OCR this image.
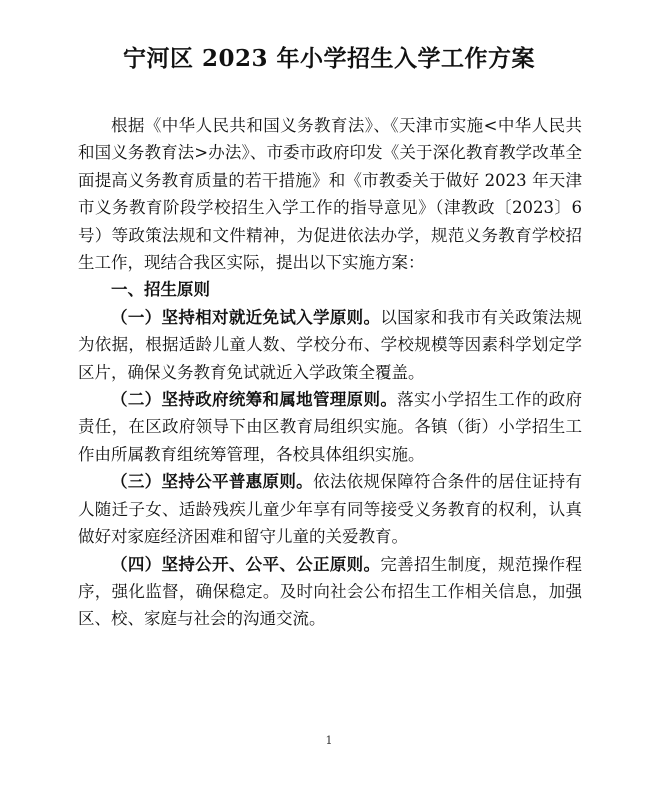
宁河区 2023 年小学招生入学工作方案

根据《中华人民共和国义务教育法》、《天津市实施<中华人民共和国义务教育法>办法》、市委市政府印发《关于深化教育教学改革全面提高义务教育质量的若干措施》和《市教委关于做好 2023 年天津市义务教育阶段学校招生入学工作的指导意见》（津教政〔2023〕6 号）等政策法规和文件精神，为促进依法办学，规范义务教育学校招生工作，现结合我区实际，提出以下实施方案：

一、招生原则

（一）坚持相对就近免试入学原则。以国家和我市有关政策法规为依据，根据适龄儿童人数、学校分布、学校规模等因素科学划定学区片，确保义务教育免试就近入学政策全覆盖。

（二）坚持政府统筹和属地管理原则。落实小学招生工作的政府责任，在区政府领导下由区教育局组织实施。各镇（街）小学招生工作由所属教育组统筹管理，各校具体组织实施。

（三）坚持公平普惠原则。依法依规保障符合条件的居住证持有人随迁子女、适龄残疾儿童少年享有同等接受义务教育的权利，认真做好对家庭经济困难和留守儿童的关爱教育。

（四）坚持公开、公平、公正原则。完善招生制度，规范操作程序，强化监督，确保稳定。及时向社会公布招生工作相关信息，加强区、校、家庭与社会的沟通交流。

1
